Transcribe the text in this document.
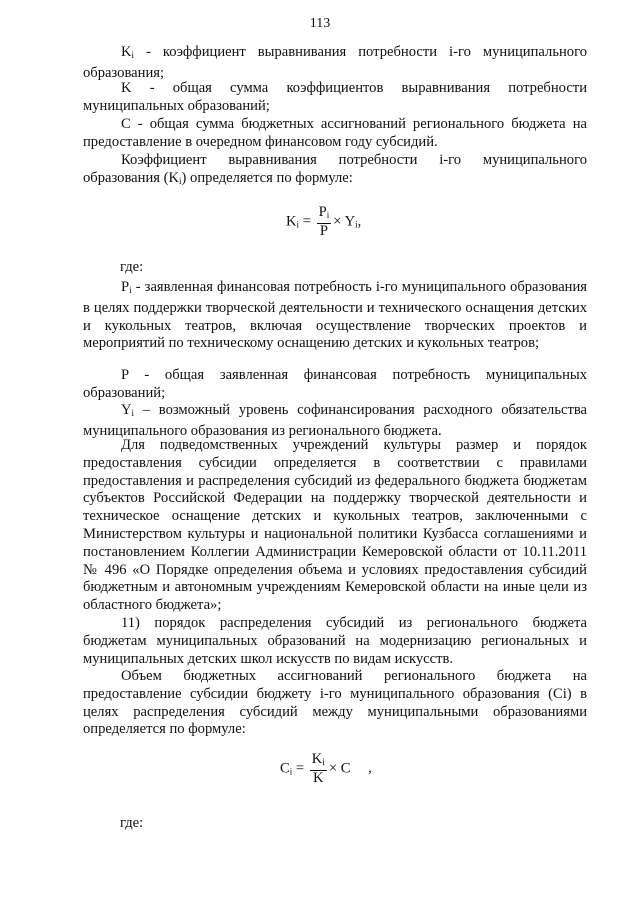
113

$K_i$ - коэффициент выравнивания потребности i-го муниципального образования;

K - общая сумма коэффициентов выравнивания потребности муниципальных образований;

C - общая сумма бюджетных ассигнований регионального бюджета на предоставление в очередном финансовом году субсидий.

Коэффициент выравнивания потребности i-го муниципального образования $(K_i)$ определяется по формуле:

$K_i = \frac{P_i}{P} \times Y_i$,
где:

$P_i$ - заявленная финансовая потребность i-го муниципального образования в целях поддержки творческой деятельности и технического оснащения детских и кукольных театров, включая осуществление творческих проектов и мероприятий по техническому оснащению детских и кукольных театров;

P - общая заявленная финансовая потребность муниципальных образований;

$Y_i$ – возможный уровень софинансирования расходного обязательства муниципального образования из регионального бюджета.

Для подведомственных учреждений культуры размер и порядок предоставления субсидии определяется в соответствии с правилами предоставления и распределения субсидий из федерального бюджета бюджетам субъектов Российской Федерации на поддержку творческой деятельности и техническое оснащение детских и кукольных театров, заключенными с Министерством культуры и национальной политики Кузбасса соглашениями и постановлением Коллегии Администрации Кемеровской области от 10.11.2011 № 496 «О Порядке определения объема и условиях предоставления субсидий бюджетным и автономным учреждениям Кемеровской области на иные цели из областного бюджета»;

11) порядок распределения субсидий из регионального бюджета бюджетам муниципальных образований на модернизацию региональных и муниципальных детских школ искусств по видам искусств.

Объем бюджетных ассигнований регионального бюджета на предоставление субсидии бюджету i-го муниципального образования (Ci) в целях распределения субсидий между муниципальными образованиями определяется по формуле:

$C_i = \frac{K_i}{K} \times C$ ,
где:
